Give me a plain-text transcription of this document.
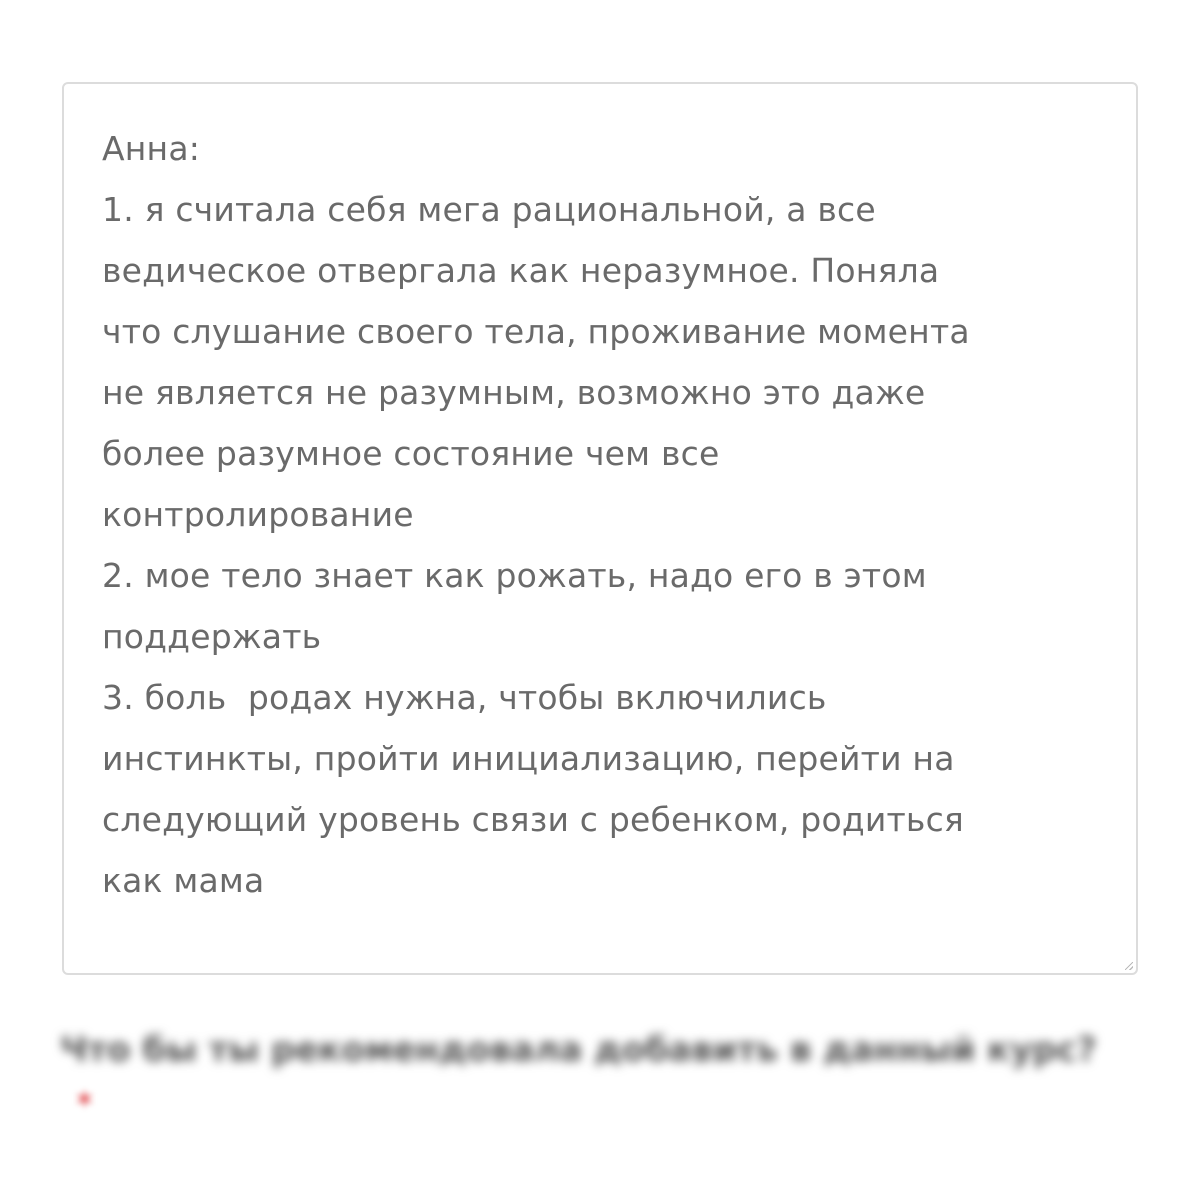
Анна:
1. я считала себя мега рациональной, а все
ведическое отвергала как неразумное. Поняла
что слушание своего тела, проживание момента
не является не разумным, возможно это даже
более разумное состояние чем все
контролирование
2. мое тело знает как рожать, надо его в этом
поддержать
3. боль  родах нужна, чтобы включились
инстинкты, пройти инициализацию, перейти на
следующий уровень связи с ребенком, родиться
как мама

Что бы ты рекомендовала добавить в данный курс?

*
